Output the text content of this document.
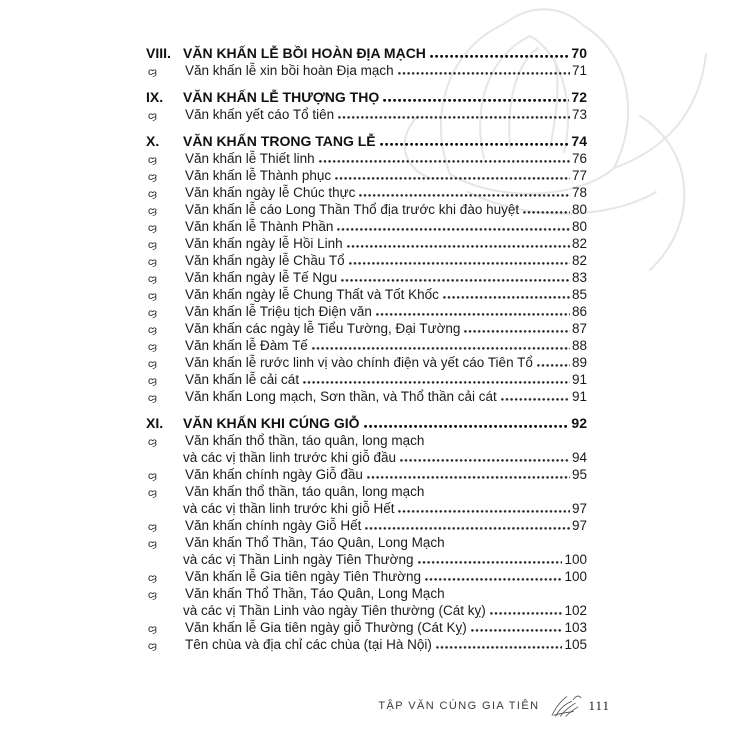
VIII. VĂN KHẤN LỄ BỒI HOÀN ĐỊA MẠCH	70
cȝ	Văn khấn lễ xin bồi hoàn Địa mạch	71
IX.	VĂN KHẤN LỄ THƯỢNG THỌ	72
cȝ	Văn khấn yết cáo Tổ tiên	73
X.	VĂN KHẤN TRONG TANG LỄ	74
cȝ	Văn khấn lễ Thiết linh	76
cȝ	Văn khấn lễ Thành phục	77
cȝ	Văn khấn ngày lễ Chúc thực	78
cȝ	Văn khấn lễ cáo Long Thần Thổ địa trước khi đào huyệt	80
cȝ	Văn khấn lễ Thành Phần	80
cȝ	Văn khấn ngày lễ Hồi Linh	82
cȝ	Văn khấn ngày lễ Chầu Tổ	82
cȝ	Văn khấn ngày lễ Tế Ngu	83
cȝ	Văn khấn ngày lễ Chung Thất và Tốt Khốc	85
cȝ	Văn khấn lễ Triệu tịch Điện văn	86
cȝ	Văn khấn các ngày lễ Tiểu Tường, Đại Tường	87
cȝ	Văn khấn lễ Đàm Tế	88
cȝ	Văn khấn lễ rước linh vị vào chính điện và yết cáo Tiên Tổ	89
cȝ	Văn khấn lễ cải cát	91
cȝ	Văn khấn Long mạch, Sơn thần, và Thổ thần cải cát	91
XI.	VĂN KHẤN KHI CÚNG GIỖ	92
cȝ	Văn khấn thổ thần, táo quân, long mạch
và các vị thần linh trước khi giỗ đầu	94
cȝ	Văn khấn chính ngày Giỗ đầu	95
cȝ	Văn khấn thổ thần, táo quân, long mạch
và các vị thần linh trước khi giỗ Hết	97
cȝ	Văn khấn chính ngày Giỗ Hết	97
cȝ	Văn khấn Thổ Thần, Táo Quân, Long Mạch
và các vị Thần Linh ngày Tiên Thường	100
cȝ	Văn khấn lễ Gia tiên ngày Tiên Thường	100
cȝ	Văn khấn Thổ Thần, Táo Quân, Long Mạch
và các vị Thần Linh vào ngày Tiên thường (Cát kỵ)	102
cȝ	Văn khấn lễ Gia tiên ngày giỗ Thường (Cát Kỵ)	103
cȝ	Tên chùa và địa chỉ các chùa (tại Hà Nội)	105
TẬP VĂN CÚNG GIA TIÊN	111
